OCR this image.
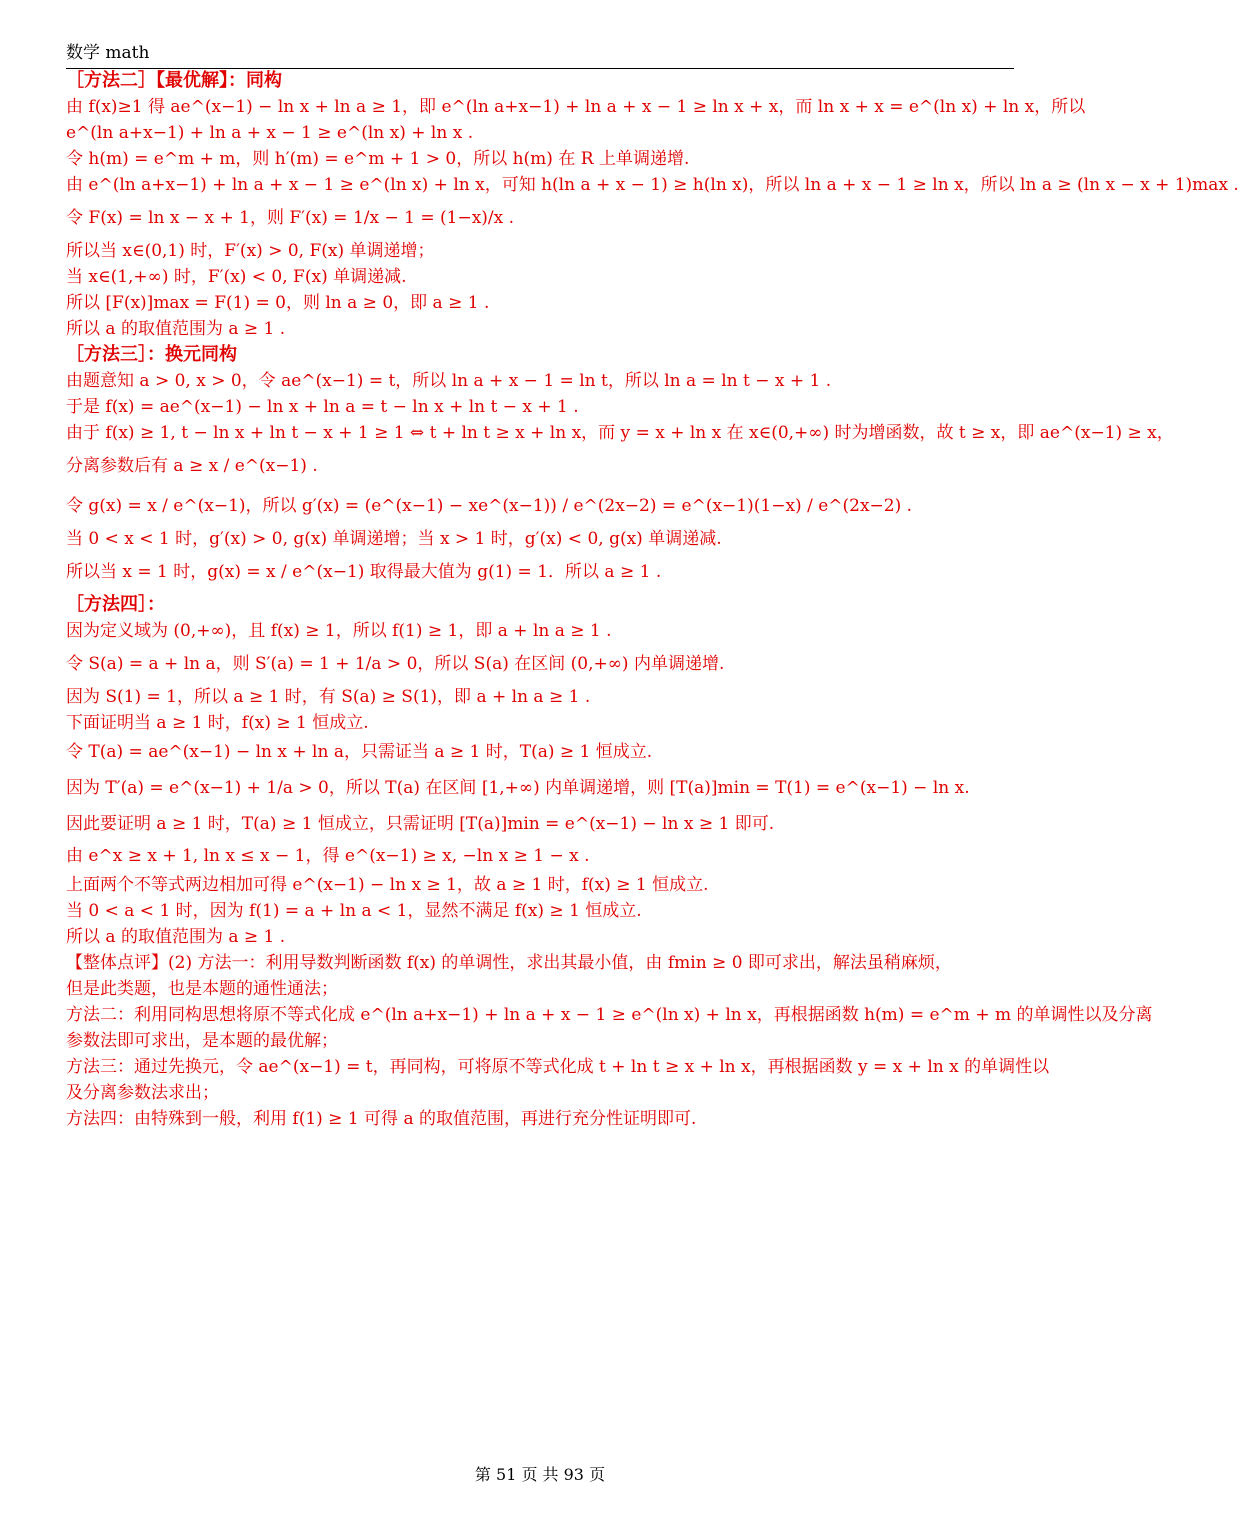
数学 math
［方法二］【最优解】：同构
由 f(x)≥1 得 ae^(x−1) − ln x + ln a ≥ 1，即 e^(ln a+x−1) + ln a + x − 1 ≥ ln x + x，而 ln x + x = e^(ln x) + ln x，所以
e^(ln a+x−1) + ln a + x − 1 ≥ e^(ln x) + ln x .
令 h(m) = e^m + m，则 h′(m) = e^m + 1 > 0，所以 h(m) 在 R 上单调递增.
由 e^(ln a+x−1) + ln a + x − 1 ≥ e^(ln x) + ln x，可知 h(ln a + x − 1) ≥ h(ln x)，所以 ln a + x − 1 ≥ ln x，所以 ln a ≥ (ln x − x + 1)max .
令 F(x) = ln x − x + 1，则 F′(x) = 1/x − 1 = (1−x)/x .
所以当 x∈(0,1) 时，F′(x) > 0, F(x) 单调递增；
当 x∈(1,+∞) 时，F′(x) < 0, F(x) 单调递减.
所以 [F(x)]max = F(1) = 0，则 ln a ≥ 0，即 a ≥ 1 .
所以 a 的取值范围为 a ≥ 1 .
［方法三］：换元同构
由题意知 a > 0, x > 0，令 ae^(x−1) = t，所以 ln a + x − 1 = ln t，所以 ln a = ln t − x + 1 .
于是 f(x) = ae^(x−1) − ln x + ln a = t − ln x + ln t − x + 1 .
由于 f(x) ≥ 1, t − ln x + ln t − x + 1 ≥ 1 ⇔ t + ln t ≥ x + ln x，而 y = x + ln x 在 x∈(0,+∞) 时为增函数，故 t ≥ x，即 ae^(x−1) ≥ x，
分离参数后有 a ≥ x / e^(x−1) .
令 g(x) = x / e^(x−1)，所以 g′(x) = (e^(x−1) − xe^(x−1)) / e^(2x−2) = e^(x−1)(1−x) / e^(2x−2) .
当 0 < x < 1 时，g′(x) > 0, g(x) 单调递增；当 x > 1 时，g′(x) < 0, g(x) 单调递减.
所以当 x = 1 时，g(x) = x / e^(x−1) 取得最大值为 g(1) = 1．所以 a ≥ 1 .
［方法四］：
因为定义域为 (0,+∞)，且 f(x) ≥ 1，所以 f(1) ≥ 1，即 a + ln a ≥ 1 .
令 S(a) = a + ln a，则 S′(a) = 1 + 1/a > 0，所以 S(a) 在区间 (0,+∞) 内单调递增.
因为 S(1) = 1，所以 a ≥ 1 时，有 S(a) ≥ S(1)，即 a + ln a ≥ 1 .
下面证明当 a ≥ 1 时，f(x) ≥ 1 恒成立.
令 T(a) = ae^(x−1) − ln x + ln a，只需证当 a ≥ 1 时，T(a) ≥ 1 恒成立.
因为 T′(a) = e^(x−1) + 1/a > 0，所以 T(a) 在区间 [1,+∞) 内单调递增，则 [T(a)]min = T(1) = e^(x−1) − ln x.
因此要证明 a ≥ 1 时，T(a) ≥ 1 恒成立，只需证明 [T(a)]min = e^(x−1) − ln x ≥ 1 即可.
由 e^x ≥ x + 1, ln x ≤ x − 1，得 e^(x−1) ≥ x, −ln x ≥ 1 − x .
上面两个不等式两边相加可得 e^(x−1) − ln x ≥ 1，故 a ≥ 1 时，f(x) ≥ 1 恒成立.
当 0 < a < 1 时，因为 f(1) = a + ln a < 1，显然不满足 f(x) ≥ 1 恒成立.
所以 a 的取值范围为 a ≥ 1 .
【整体点评】(2) 方法一：利用导数判断函数 f(x) 的单调性，求出其最小值，由 fmin ≥ 0 即可求出，解法虽稍麻烦，
但是此类题，也是本题的通性通法；
方法二：利用同构思想将原不等式化成 e^(ln a+x−1) + ln a + x − 1 ≥ e^(ln x) + ln x，再根据函数 h(m) = e^m + m 的单调性以及分离
参数法即可求出，是本题的最优解；
方法三：通过先换元，令 ae^(x−1) = t，再同构，可将原不等式化成 t + ln t ≥ x + ln x，再根据函数 y = x + ln x 的单调性以
及分离参数法求出；
方法四：由特殊到一般，利用 f(1) ≥ 1 可得 a 的取值范围，再进行充分性证明即可.
第 51 页 共 93 页
